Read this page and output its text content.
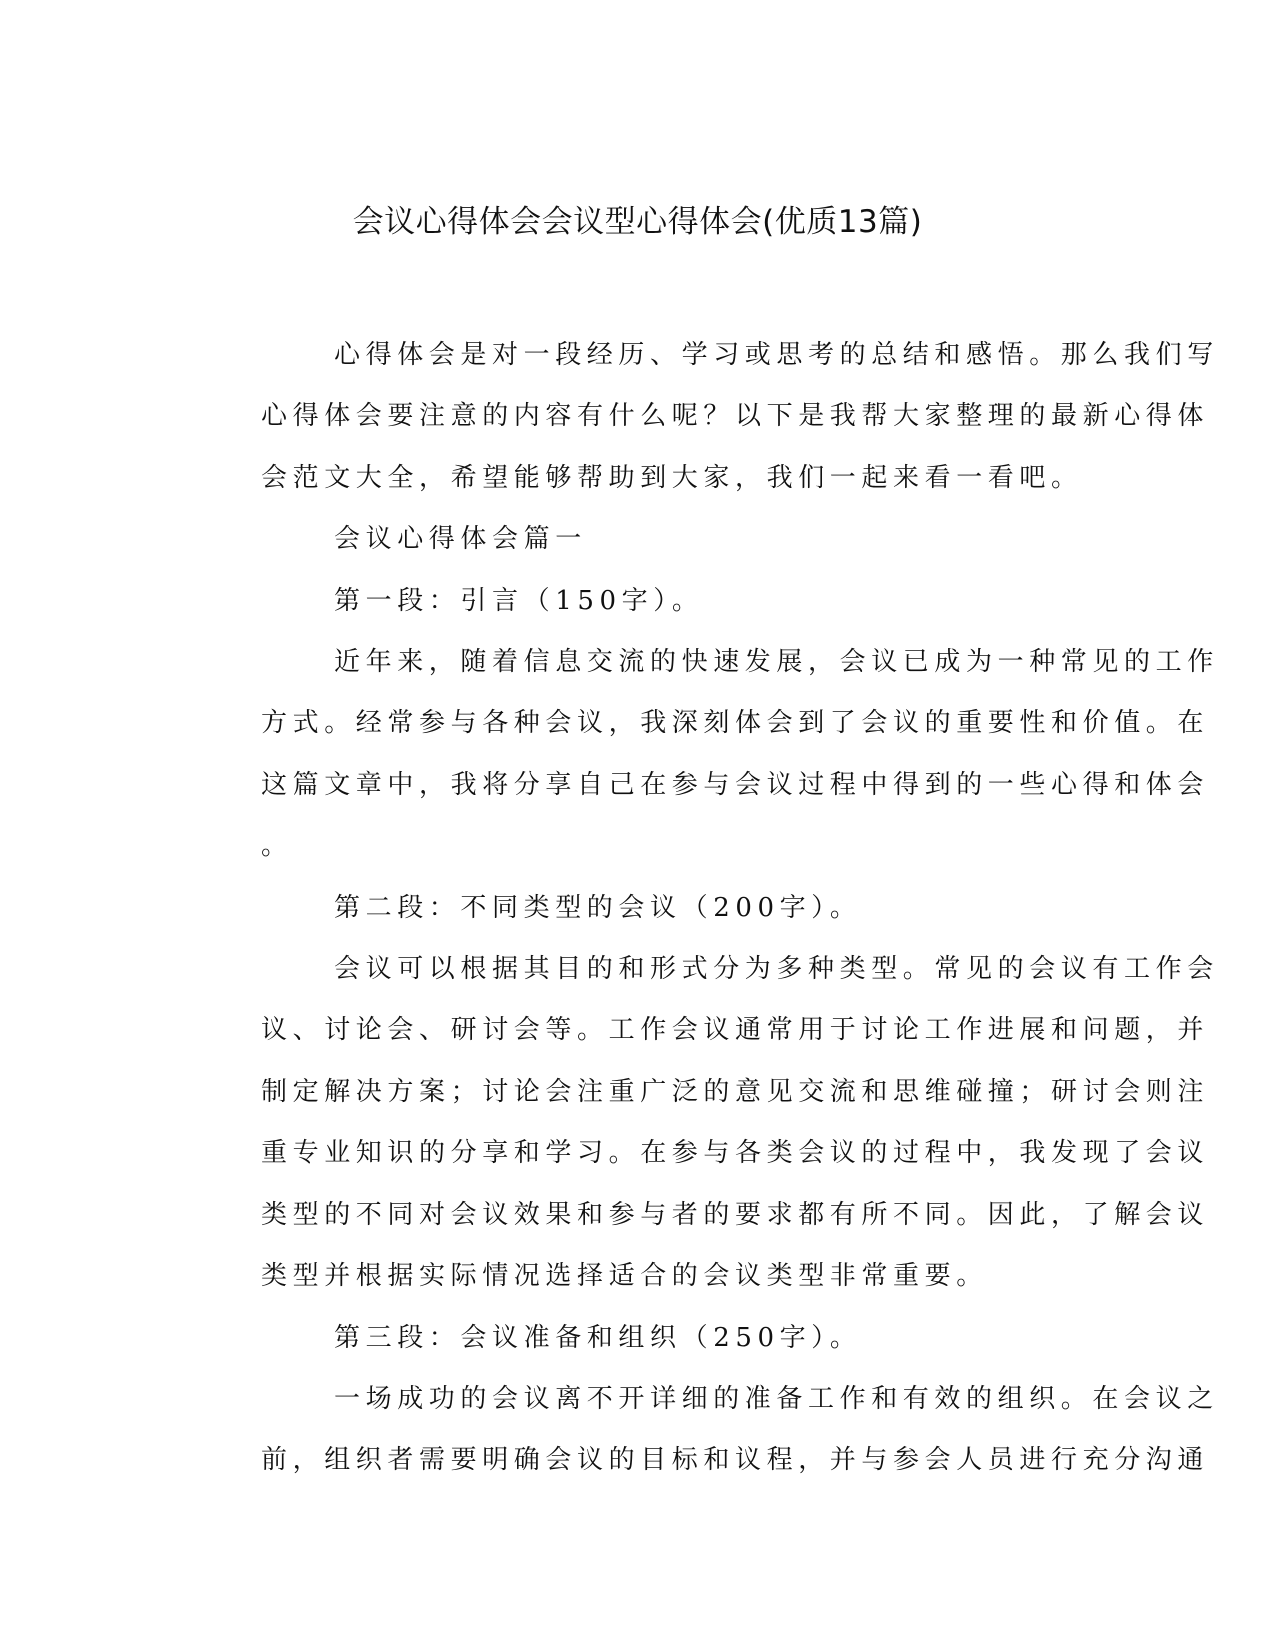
会议心得体会会议型心得体会(优质13篇)

心得体会是对一段经历、学习或思考的总结和感悟。那么我们写
心得体会要注意的内容有什么呢？以下是我帮大家整理的最新心得体
会范文大全，希望能够帮助到大家，我们一起来看一看吧。

会议心得体会篇一

第一段：引言（150字）。

近年来，随着信息交流的快速发展，会议已成为一种常见的工作
方式。经常参与各种会议，我深刻体会到了会议的重要性和价值。在
这篇文章中，我将分享自己在参与会议过程中得到的一些心得和体会
。

第二段：不同类型的会议（200字）。

会议可以根据其目的和形式分为多种类型。常见的会议有工作会
议、讨论会、研讨会等。工作会议通常用于讨论工作进展和问题，并
制定解决方案；讨论会注重广泛的意见交流和思维碰撞；研讨会则注
重专业知识的分享和学习。在参与各类会议的过程中，我发现了会议
类型的不同对会议效果和参与者的要求都有所不同。因此，了解会议
类型并根据实际情况选择适合的会议类型非常重要。

第三段：会议准备和组织（250字）。

一场成功的会议离不开详细的准备工作和有效的组织。在会议之
前，组织者需要明确会议的目标和议程，并与参会人员进行充分沟通
